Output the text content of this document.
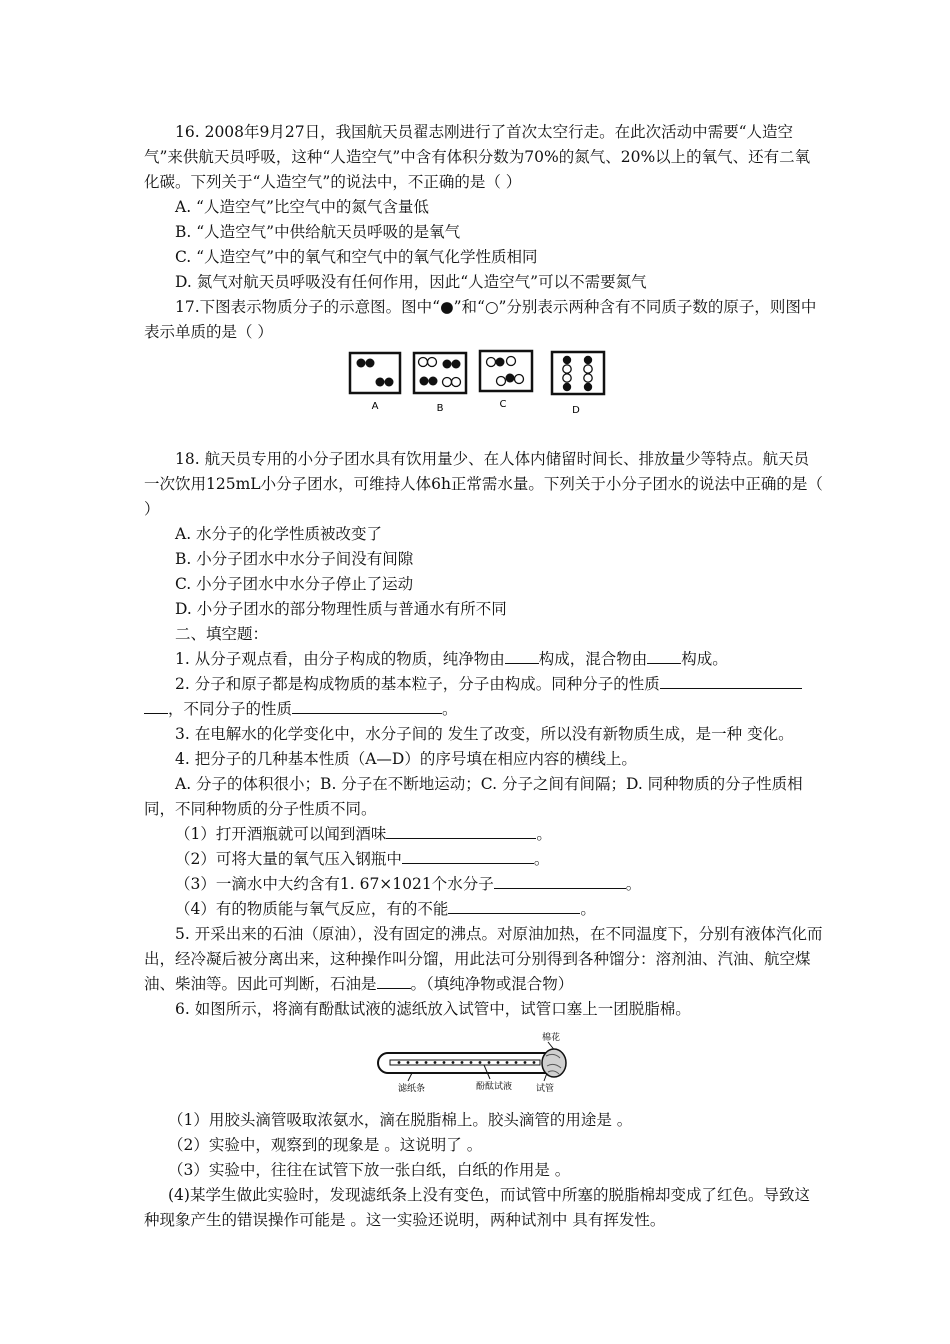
16. 2008年9月27日，我国航天员翟志刚进行了首次太空行走。在此次活动中需要“人造空气”来供航天员呼吸，这种“人造空气”中含有体积分数为70%的氮气、20%以上的氧气、还有二氧化碳。下列关于“人造空气”的说法中，不正确的是（ ）

A. “人造空气”比空气中的氮气含量低

B. “人造空气”中供给航天员呼吸的是氧气

C. “人造空气”中的氧气和空气中的氧气化学性质相同

D. 氮气对航天员呼吸没有任何作用，因此“人造空气”可以不需要氮气

17.下图表示物质分子的示意图。图中“●”和“○”分别表示两种含有不同质子数的原子，则图中表示单质的是（ ）

A	B	C
D

18. 航天员专用的小分子团水具有饮用量少、在人体内储留时间长、排放量少等特点。航天员一次饮用125mL小分子团水，可维持人体6h正常需水量。下列关于小分子团水的说法中正确的是（ ）

A. 水分子的化学性质被改变了

B. 小分子团水中水分子间没有间隙

C. 小分子团水中水分子停止了运动

D. 小分子团水的部分物理性质与普通水有所不同

二、填空题：

1. 从分子观点看，由分子构成的物质，纯净物由 构成，混合物由 构成。

2. 分子和原子都是构成物质的基本粒子，分子由构成。同种分子的性质，不同分子的性质	。

3. 在电解水的化学变化中，水分子间的 发生了改变，所以没有新物质生成，是一种 变化。

4. 把分子的几种基本性质（A—D）的序号填在相应内容的横线上。

A. 分子的体积很小；B. 分子在不断地运动；C. 分子之间有间隔；D. 同种物质的分子性质相同，不同种物质的分子性质不同。

（1）打开酒瓶就可以闻到酒味	。

（2）可将大量的氧气压入钢瓶中	。

（3）一滴水中大约含有1. 67×1021个水分子	。

（4）有的物质能与氧气反应，有的不能	。

5. 开采出来的石油（原油），没有固定的沸点。对原油加热，在不同温度下，分别有液体汽化而出，经冷凝后被分离出来，这种操作叫分馏，用此法可分别得到各种馏分：溶剂油、汽油、航空煤油、柴油等。因此可判断，石油是 。（填纯净物或混合物）

6. 如图所示，将滴有酚酞试液的滤纸放入试管中，试管口塞上一团脱脂棉。

棉花
滤纸条	酚酞试液	试管

（1）用胶头滴管吸取浓氨水，滴在脱脂棉上。胶头滴管的用途是 。

（2）实验中，观察到的现象是 。这说明了 。

（3）实验中，往往在试管下放一张白纸，白纸的作用是 。

(4)某学生做此实验时，发现滤纸条上没有变色，而试管中所塞的脱脂棉却变成了红色。导致这种现象产生的错误操作可能是 。这一实验还说明，两种试剂中 具有挥发性。
